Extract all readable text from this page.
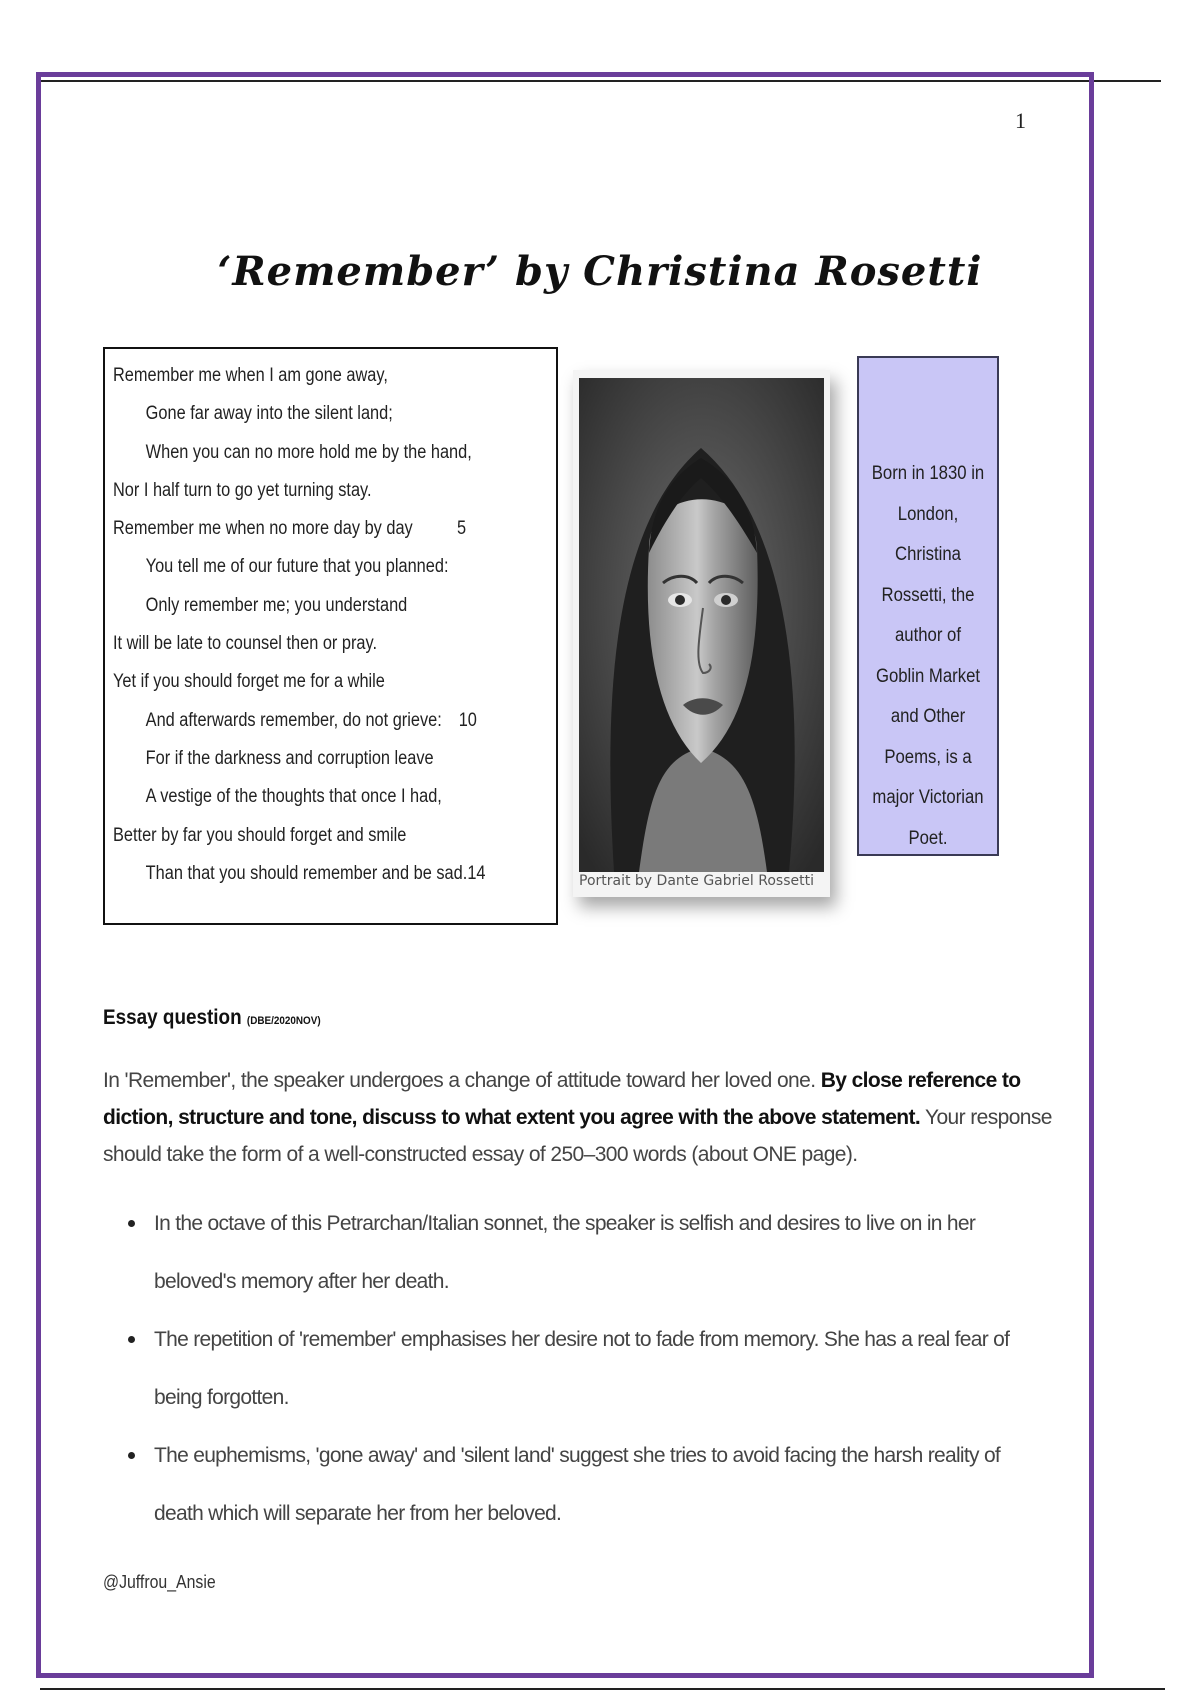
1
‘Remember’ by Christina Rosetti
Remember me when I am gone away,
Gone far away into the silent land;
When you can no more hold me by the hand,
Nor I half turn to go yet turning stay.
Remember me when no more day by day 5
You tell me of our future that you planned:
Only remember me; you understand
It will be late to counsel then or pray.
Yet if you should forget me for a while
And afterwards remember, do not grieve: 10
For if the darkness and corruption leave
A vestige of the thoughts that once I had,
Better by far you should forget and smile
Than that you should remember and be sad. 14	Portrait by Dante Gabriel Rossetti
Born in 1830 in London, Christina Rossetti, the author of Goblin Market and Other Poems, is a major Victorian Poet.
Essay question (DBE/2020NOV)
In 'Remember', the speaker undergoes a change of attitude toward her loved one. By close reference to diction, structure and tone, discuss to what extent you agree with the above statement. Your response should take the form of a well-constructed essay of 250–300 words (about ONE page).
In the octave of this Petrarchan/Italian sonnet, the speaker is selfish and desires to live on in her beloved's memory after her death.
The repetition of 'remember' emphasises her desire not to fade from memory. She has a real fear of being forgotten.
The euphemisms, 'gone away' and 'silent land' suggest she tries to avoid facing the harsh reality of death which will separate her from her beloved.
@Juffrou_Ansie
